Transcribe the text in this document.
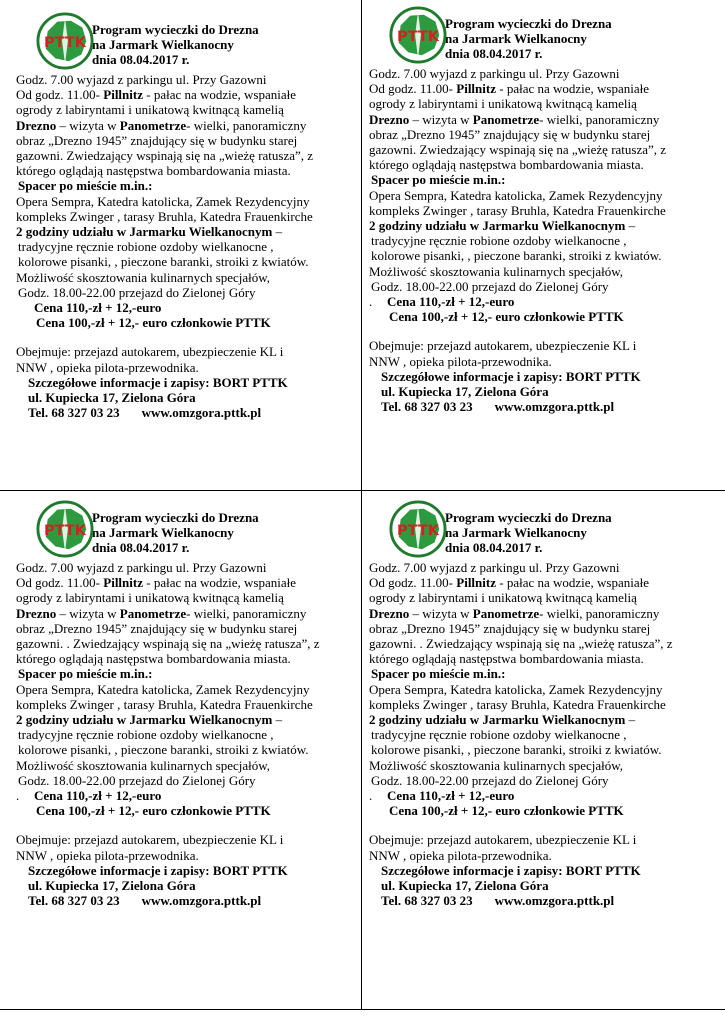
PTTK
Program wycieczki do Drezna
na Jarmark Wielkanocny
dnia 08.04.2017 r.
Godz. 7.00 wyjazd z parkingu ul. Przy Gazowni
Od godz. 11.00- Pillnitz - pałac na wodzie, wspaniałe
ogrody z labiryntami i unikatową kwitnącą kamelią
Drezno – wizyta w Panometrze- wielki, panoramiczny
obraz „Drezno 1945” znajdujący się w budynku starej
gazowni. Zwiedzający wspinają się na „wieżę ratusza”, z
którego oglądają następstwa bombardowania miasta.
Spacer po mieście m.in.:
Opera Sempra, Katedra katolicka, Zamek Rezydencyjny
kompleks Zwinger , tarasy Bruhla, Katedra Frauenkirche
2 godziny udziału w Jarmarku Wielkanocnym –
tradycyjne ręcznie robione ozdoby wielkanocne ,
kolorowe pisanki, , pieczone baranki, stroiki z kwiatów.
Możliwość skosztowania kulinarnych specjałów,
Godz. 18.00-22.00 przejazd do Zielonej Góry
Cena 110,-zł + 12,-euro
Cena 100,-zł + 12,- euro członkowie PTTK
Obejmuje: przejazd autokarem, ubezpieczenie KL i
NNW , opieka pilota-przewodnika.
Szczegółowe informacje i zapisy: BORT PTTK
ul. Kupiecka 17, Zielona Góra
Tel. 68 327 03 23 www.omzgora.pttk.pl
PTTK
Program wycieczki do Drezna
na Jarmark Wielkanocny
dnia 08.04.2017 r.
Godz. 7.00 wyjazd z parkingu ul. Przy Gazowni
Od godz. 11.00- Pillnitz - pałac na wodzie, wspaniałe
ogrody z labiryntami i unikatową kwitnącą kamelią
Drezno – wizyta w Panometrze- wielki, panoramiczny
obraz „Drezno 1945” znajdujący się w budynku starej
gazowni. Zwiedzający wspinają się na „wieżę ratusza”, z
którego oglądają następstwa bombardowania miasta.
Spacer po mieście m.in.:
Opera Sempra, Katedra katolicka, Zamek Rezydencyjny
kompleks Zwinger , tarasy Bruhla, Katedra Frauenkirche
2 godziny udziału w Jarmarku Wielkanocnym –
tradycyjne ręcznie robione ozdoby wielkanocne ,
kolorowe pisanki, , pieczone baranki, stroiki z kwiatów.
Możliwość skosztowania kulinarnych specjałów,
Godz. 18.00-22.00 przejazd do Zielonej Góry
. Cena 110,-zł + 12,-euro
Cena 100,-zł + 12,- euro członkowie PTTK
Obejmuje: przejazd autokarem, ubezpieczenie KL i
NNW , opieka pilota-przewodnika.
Szczegółowe informacje i zapisy: BORT PTTK
ul. Kupiecka 17, Zielona Góra
Tel. 68 327 03 23 www.omzgora.pttk.pl
PTTK
Program wycieczki do Drezna
na Jarmark Wielkanocny
dnia 08.04.2017 r.
Godz. 7.00 wyjazd z parkingu ul. Przy Gazowni
Od godz. 11.00- Pillnitz - pałac na wodzie, wspaniałe
ogrody z labiryntami i unikatową kwitnącą kamelią
Drezno – wizyta w Panometrze- wielki, panoramiczny
obraz „Drezno 1945” znajdujący się w budynku starej
gazowni. . Zwiedzający wspinają się na „wieżę ratusza”, z
którego oglądają następstwa bombardowania miasta.
Spacer po mieście m.in.:
Opera Sempra, Katedra katolicka, Zamek Rezydencyjny
kompleks Zwinger , tarasy Bruhla, Katedra Frauenkirche
2 godziny udziału w Jarmarku Wielkanocnym –
tradycyjne ręcznie robione ozdoby wielkanocne ,
kolorowe pisanki, , pieczone baranki, stroiki z kwiatów.
Możliwość skosztowania kulinarnych specjałów,
Godz. 18.00-22.00 przejazd do Zielonej Góry
. Cena 110,-zł + 12,-euro
Cena 100,-zł + 12,- euro członkowie PTTK
Obejmuje: przejazd autokarem, ubezpieczenie KL i
NNW , opieka pilota-przewodnika.
Szczegółowe informacje i zapisy: BORT PTTK
ul. Kupiecka 17, Zielona Góra
Tel. 68 327 03 23 www.omzgora.pttk.pl
PTTK
Program wycieczki do Drezna
na Jarmark Wielkanocny
dnia 08.04.2017 r.
Godz. 7.00 wyjazd z parkingu ul. Przy Gazowni
Od godz. 11.00- Pillnitz - pałac na wodzie, wspaniałe
ogrody z labiryntami i unikatową kwitnącą kamelią
Drezno – wizyta w Panometrze- wielki, panoramiczny
obraz „Drezno 1945” znajdujący się w budynku starej
gazowni. . Zwiedzający wspinają się na „wieżę ratusza”, z
którego oglądają następstwa bombardowania miasta.
Spacer po mieście m.in.:
Opera Sempra, Katedra katolicka, Zamek Rezydencyjny
kompleks Zwinger , tarasy Bruhla, Katedra Frauenkirche
2 godziny udziału w Jarmarku Wielkanocnym –
tradycyjne ręcznie robione ozdoby wielkanocne ,
kolorowe pisanki, , pieczone baranki, stroiki z kwiatów.
Możliwość skosztowania kulinarnych specjałów,
Godz. 18.00-22.00 przejazd do Zielonej Góry
. Cena 110,-zł + 12,-euro
Cena 100,-zł + 12,- euro członkowie PTTK
Obejmuje: przejazd autokarem, ubezpieczenie KL i
NNW , opieka pilota-przewodnika.
Szczegółowe informacje i zapisy: BORT PTTK
ul. Kupiecka 17, Zielona Góra
Tel. 68 327 03 23 www.omzgora.pttk.pl
